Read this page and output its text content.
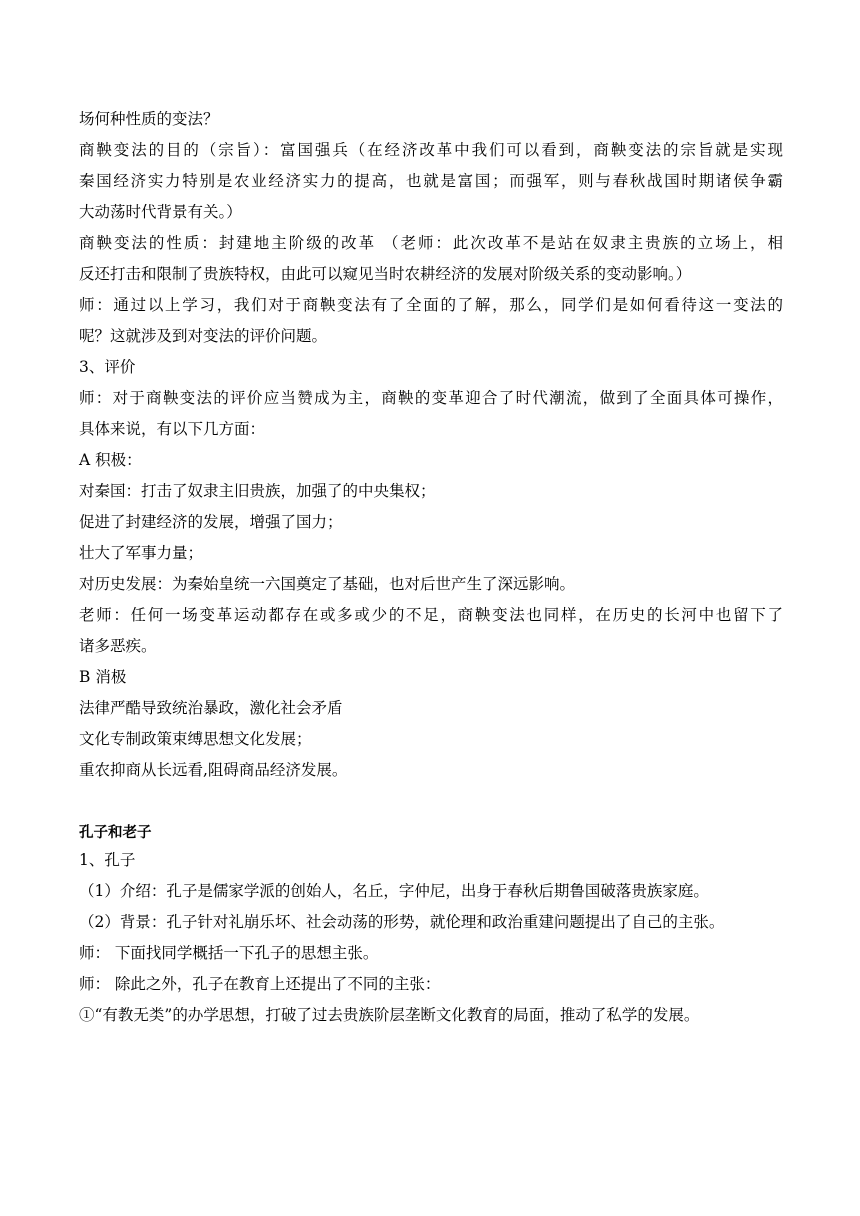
场何种性质的变法？
商鞅变法的目的（宗旨）：富国强兵（在经济改革中我们可以看到，商鞅变法的宗旨就是实现
秦国经济实力特别是农业经济实力的提高，也就是富国；而强军，则与春秋战国时期诸侯争霸
大动荡时代背景有关。）
商鞅变法的性质：封建地主阶级的改革 （老师：此次改革不是站在奴隶主贵族的立场上，相
反还打击和限制了贵族特权，由此可以窥见当时农耕经济的发展对阶级关系的变动影响。）
师：通过以上学习，我们对于商鞅变法有了全面的了解，那么，同学们是如何看待这一变法的
呢？这就涉及到对变法的评价问题。
3、评价
师：对于商鞅变法的评价应当赞成为主，商鞅的变革迎合了时代潮流，做到了全面具体可操作，
具体来说，有以下几方面：
A 积极：
对秦国：打击了奴隶主旧贵族，加强了的中央集权；
促进了封建经济的发展，增强了国力；
壮大了军事力量；
对历史发展：为秦始皇统一六国奠定了基础，也对后世产生了深远影响。
老师：任何一场变革运动都存在或多或少的不足，商鞅变法也同样，在历史的长河中也留下了
诸多恶疾。
B 消极
法律严酷导致统治暴政，激化社会矛盾
文化专制政策束缚思想文化发展；
重农抑商从长远看,阻碍商品经济发展。
孔子和老子
1、孔子
（1）介绍：孔子是儒家学派的创始人，名丘，字仲尼，出身于春秋后期鲁国破落贵族家庭。
（2）背景：孔子针对礼崩乐坏、社会动荡的形势，就伦理和政治重建问题提出了自己的主张。
师： 下面找同学概括一下孔子的思想主张。
师： 除此之外，孔子在教育上还提出了不同的主张：
①“有教无类”的办学思想，打破了过去贵族阶层垄断文化教育的局面，推动了私学的发展。
